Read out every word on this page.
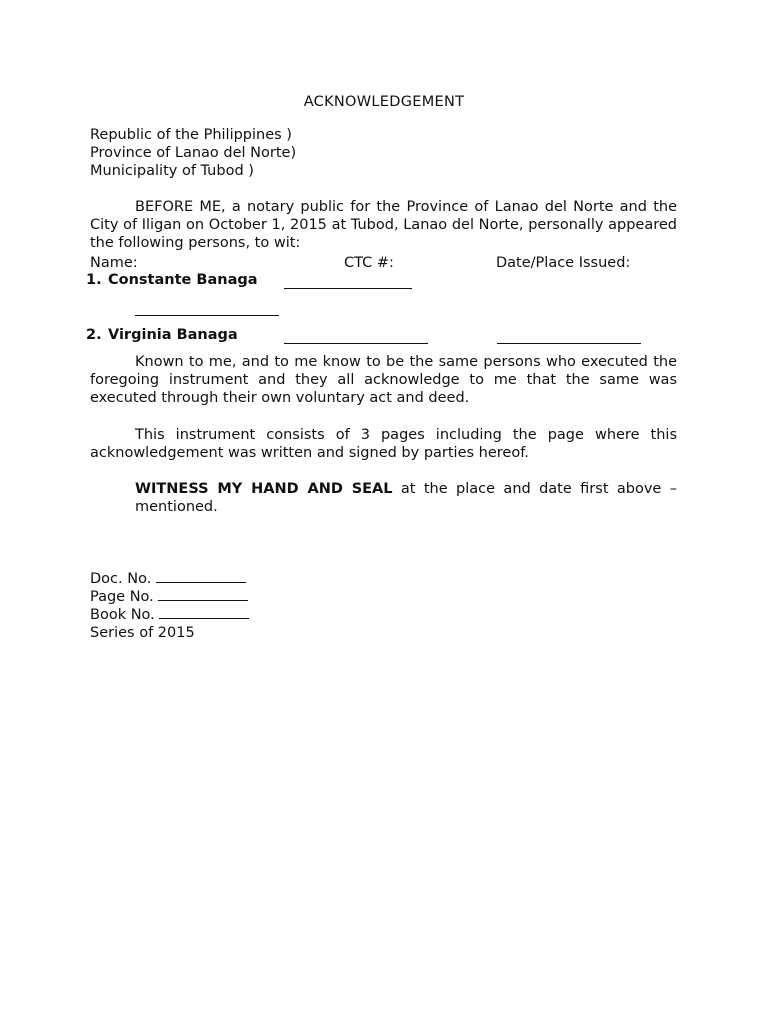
ACKNOWLEDGEMENT
Republic of the Philippines )
Province of Lanao del Norte)
Municipality of Tubod )
BEFORE ME, a notary public for the Province of Lanao del Norte and the City of Iligan on October 1, 2015 at Tubod, Lanao del Norte, personally appeared the following persons, to wit:
Name:	CTC #:	Date/Place Issued:
1. Constante Banaga
2. Virginia Banaga
Known to me, and to me know to be the same persons who executed the foregoing instrument and they all acknowledge to me that the same was executed through their own voluntary act and deed.
This instrument consists of 3 pages including the page where this acknowledgement was written and signed by parties hereof.
WITNESS MY HAND AND SEAL at the place and date first above – mentioned.
Doc. No.
Page No.
Book No.
Series of 2015
